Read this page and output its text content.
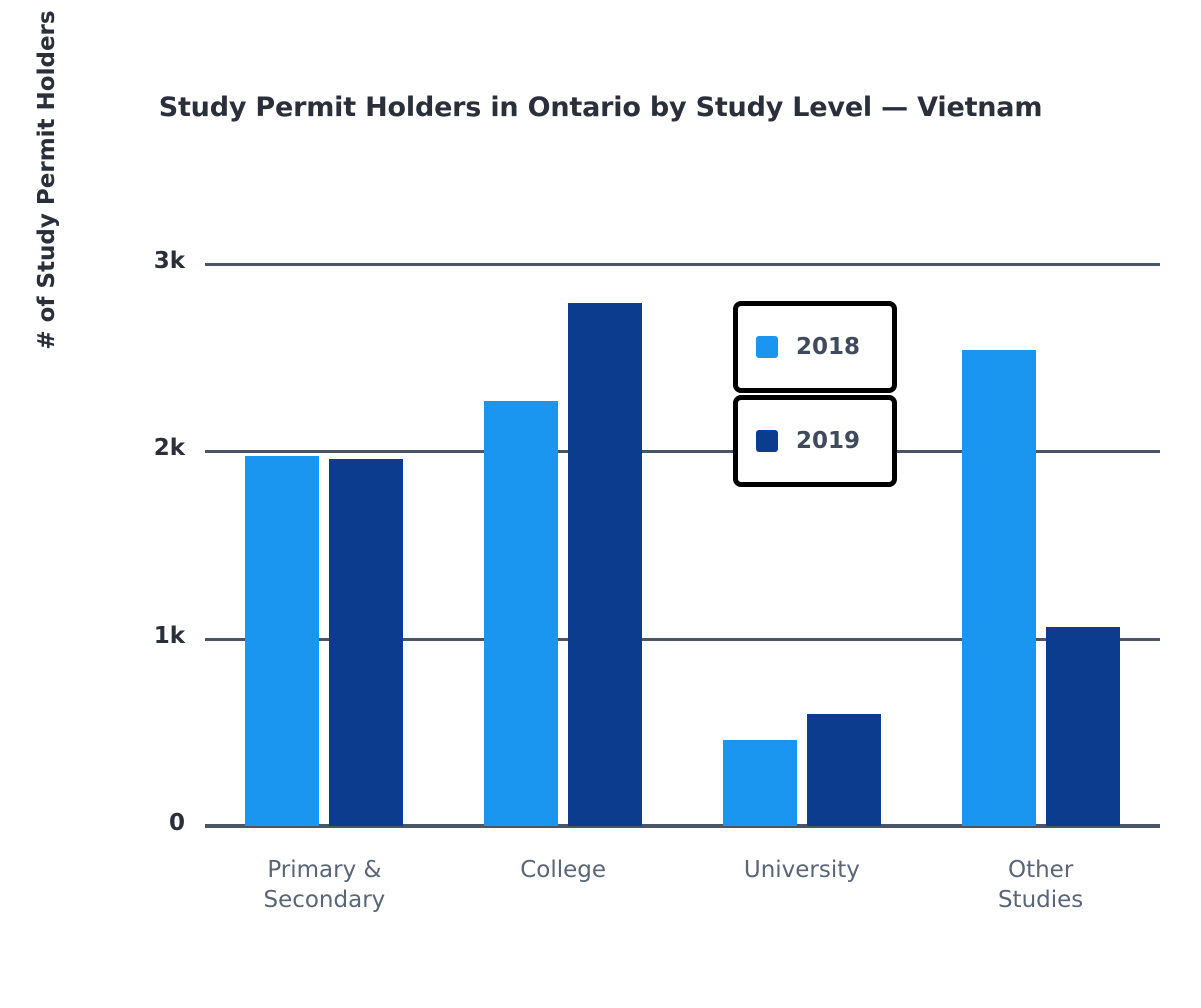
Study Permit Holders in Ontario by Study Level — Vietnam
# of Study Permit Holders
0
1k
2k
3k
Primary &
Secondary
College	University	Other
Studies
2018
2019
